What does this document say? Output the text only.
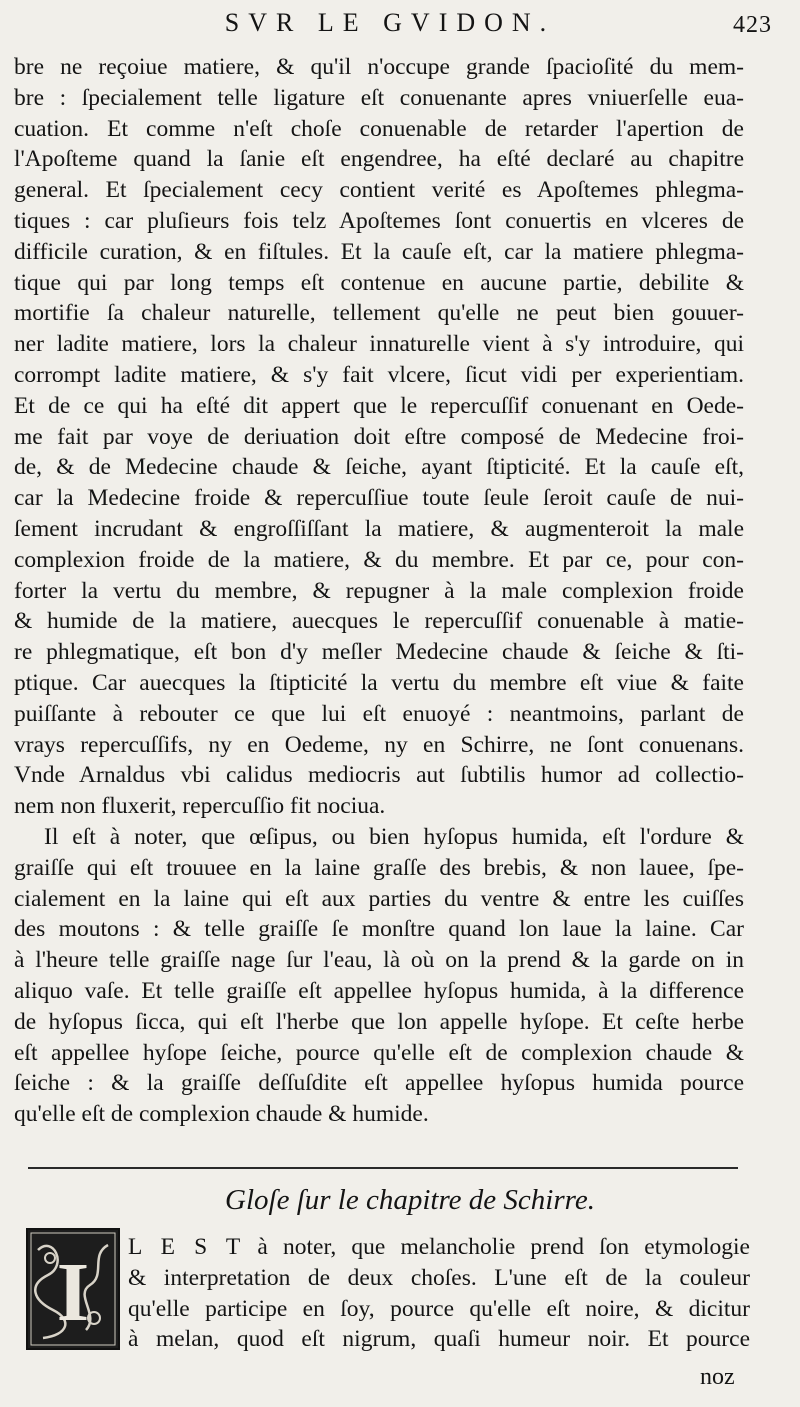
SVR LE GVIDON.	423
bre ne reçoiue matiere, & qu'il n'occupe grande ſpacioſité du mem-
bre : ſpecialement telle ligature eſt conuenante apres vniuerſelle eua-
cuation. Et comme n'eſt choſe conuenable de retarder l'apertion de
l'Apoſteme quand la ſanie eſt engendree, ha eſté declaré au chapitre
general. Et ſpecialement cecy contient verité es Apoſtemes phlegma-
tiques : car pluſieurs fois telz Apoſtemes ſont conuertis en vlceres de
difficile curation, & en fiſtules. Et la cauſe eſt, car la matiere phlegma-
tique qui par long temps eſt contenue en aucune partie, debilite &
mortifie ſa chaleur naturelle, tellement qu'elle ne peut bien gouuer-
ner ladite matiere, lors la chaleur innaturelle vient à s'y introduire, qui
corrompt ladite matiere, & s'y fait vlcere, ſicut vidi per experientiam.
Et de ce qui ha eſté dit appert que le repercuſſif conuenant en Oede-
me fait par voye de deriuation doit eſtre composé de Medecine froi-
de, & de Medecine chaude & ſeiche, ayant ſtipticité. Et la cauſe eſt,
car la Medecine froide & repercuſſiue toute ſeule ſeroit cauſe de nui-
ſement incrudant & engroſſiſſant la matiere, & augmenteroit la male
complexion froide de la matiere, & du membre. Et par ce, pour con-
forter la vertu du membre, & repugner à la male complexion froide
& humide de la matiere, auecques le repercuſſif conuenable à matie-
re phlegmatique, eſt bon d'y meſler Medecine chaude & ſeiche & ſti-
ptique. Car auecques la ſtipticité la vertu du membre eſt viue & faite
puiſſante à rebouter ce que lui eſt enuoyé : neantmoins, parlant de
vrays repercuſſifs, ny en Oedeme, ny en Schirre, ne ſont conuenans.
Vnde Arnaldus vbi calidus mediocris aut ſubtilis humor ad collectio-
nem non fluxerit, repercuſſio fit nociua.
Il eſt à noter, que œſipus, ou bien hyſopus humida, eſt l'ordure &
graiſſe qui eſt trouuee en la laine graſſe des brebis, & non lauee, ſpe-
cialement en la laine qui eſt aux parties du ventre & entre les cuiſſes
des moutons : & telle graiſſe ſe monſtre quand lon laue la laine. Car
à l'heure telle graiſſe nage ſur l'eau, là où on la prend & la garde on in
aliquo vaſe. Et telle graiſſe eſt appellee hyſopus humida, à la difference
de hyſopus ſicca, qui eſt l'herbe que lon appelle hyſope. Et ceſte herbe
eſt appellee hyſope ſeiche, pource qu'elle eſt de complexion chaude &
ſeiche : & la graiſſe deſſuſdite eſt appellee hyſopus humida pource
qu'elle eſt de complexion chaude & humide.
Gloſe ſur le chapitre de Schirre.
I L E S T à noter, que melancholie prend ſon etymologie
& interpretation de deux choſes. L'une eſt de la couleur
qu'elle participe en ſoy, pource qu'elle eſt noire, & dicitur
à melan, quod eſt nigrum, quaſi humeur noir. Et pource
noz
